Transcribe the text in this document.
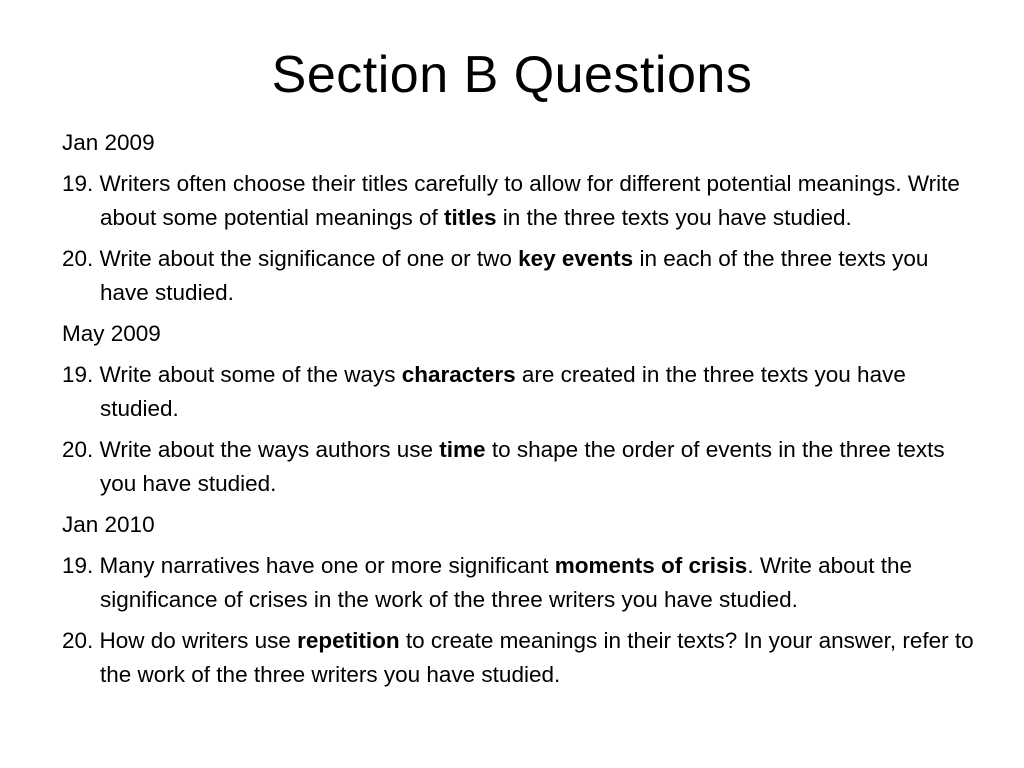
Section B Questions
Jan 2009
19. Writers often choose their titles carefully to allow for different potential meanings. Write about some potential meanings of titles in the three texts you have studied.
20. Write about the significance of one or two key events in each of the three texts you have studied.
May 2009
19. Write about some of the ways characters are created in the three texts you have studied.
20. Write about the ways authors use time to shape the order of events in the three texts you have studied.
Jan 2010
19. Many narratives have one or more significant moments of crisis. Write about the significance of crises in the work of the three writers you have studied.
20. How do writers use repetition to create meanings in their texts? In your answer, refer to the work of the three writers you have studied.
